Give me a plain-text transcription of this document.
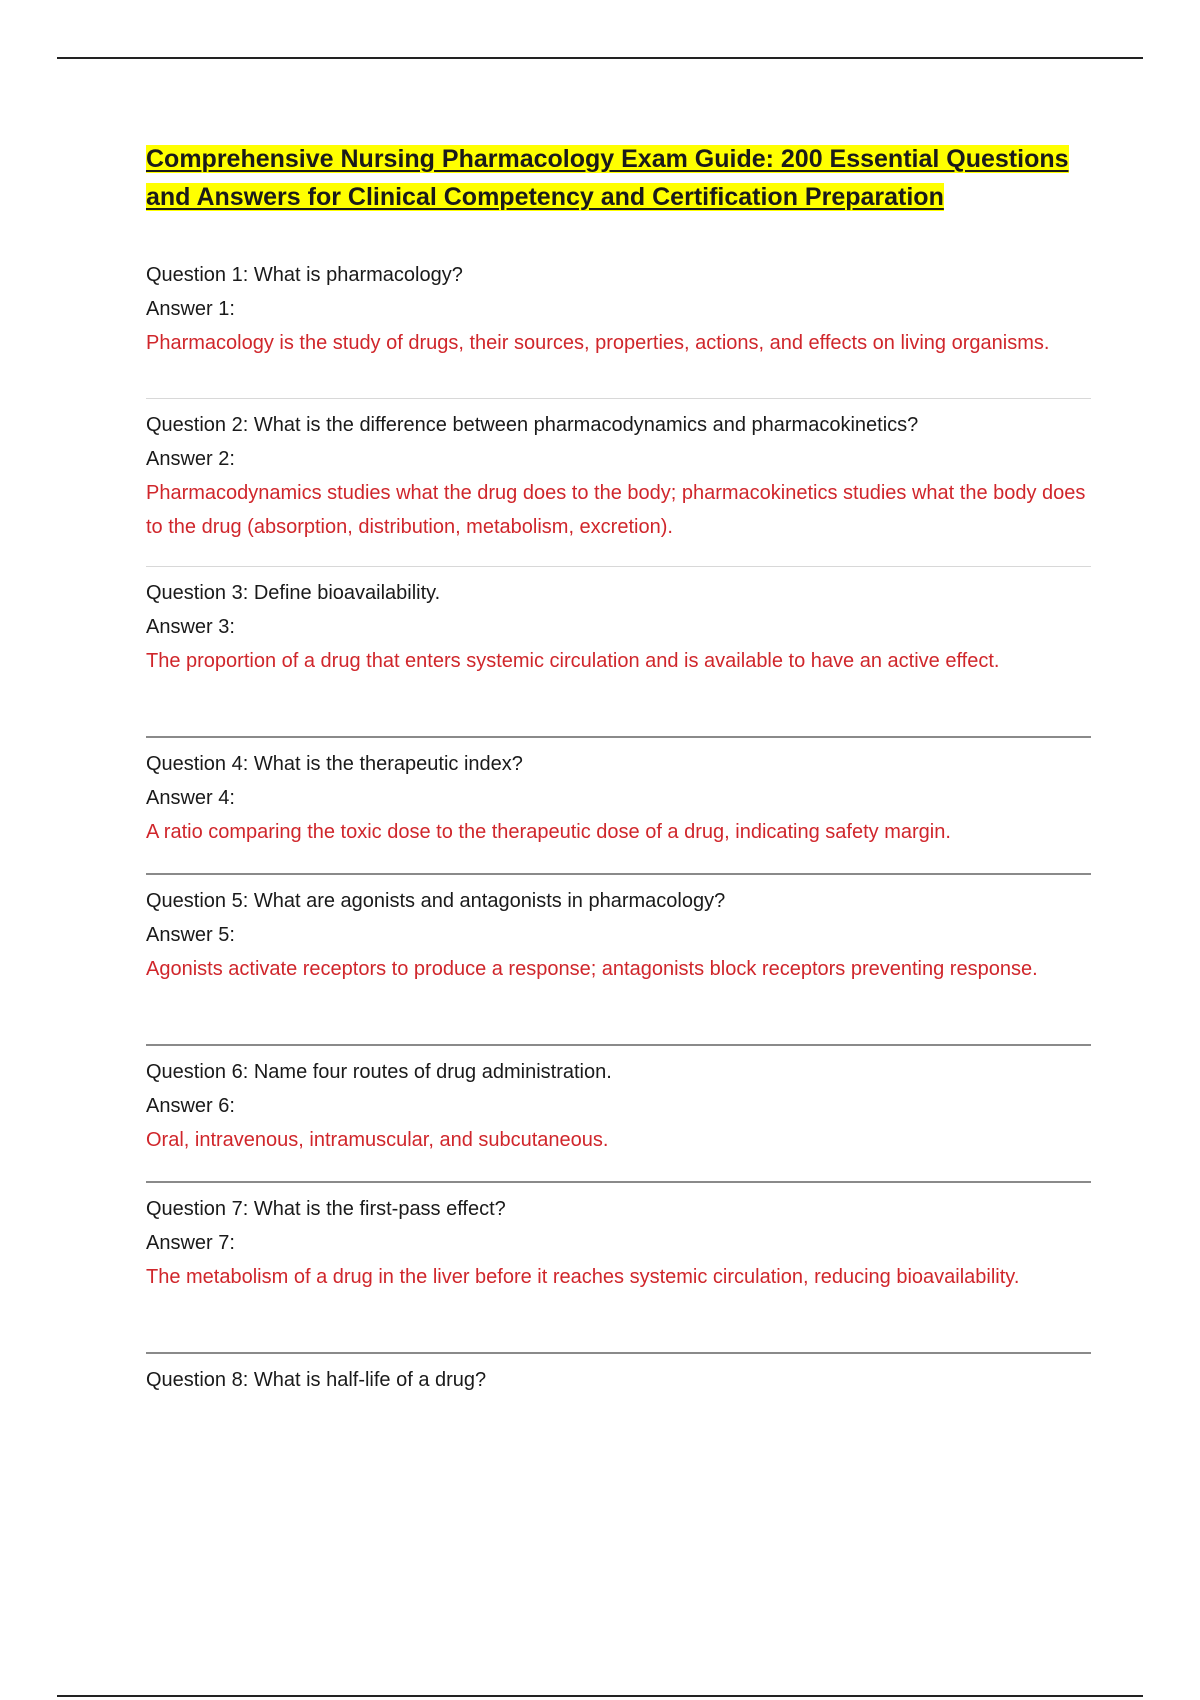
Comprehensive Nursing Pharmacology Exam Guide: 200 Essential Questions and Answers for Clinical Competency and Certification Preparation

Question 1: What is pharmacology?

Answer 1:

Pharmacology is the study of drugs, their sources, properties, actions, and effects on living organisms.

Question 2: What is the difference between pharmacodynamics and pharmacokinetics?

Answer 2:

Pharmacodynamics studies what the drug does to the body; pharmacokinetics studies what the body does to the drug (absorption, distribution, metabolism, excretion).

Question 3: Define bioavailability.

Answer 3:

The proportion of a drug that enters systemic circulation and is available to have an active effect.

Question 4: What is the therapeutic index?

Answer 4:

A ratio comparing the toxic dose to the therapeutic dose of a drug, indicating safety margin.

Question 5: What are agonists and antagonists in pharmacology?

Answer 5:

Agonists activate receptors to produce a response; antagonists block receptors preventing response.

Question 6: Name four routes of drug administration.

Answer 6:

Oral, intravenous, intramuscular, and subcutaneous.

Question 7: What is the first-pass effect?

Answer 7:

The metabolism of a drug in the liver before it reaches systemic circulation, reducing bioavailability.

Question 8: What is half-life of a drug?
